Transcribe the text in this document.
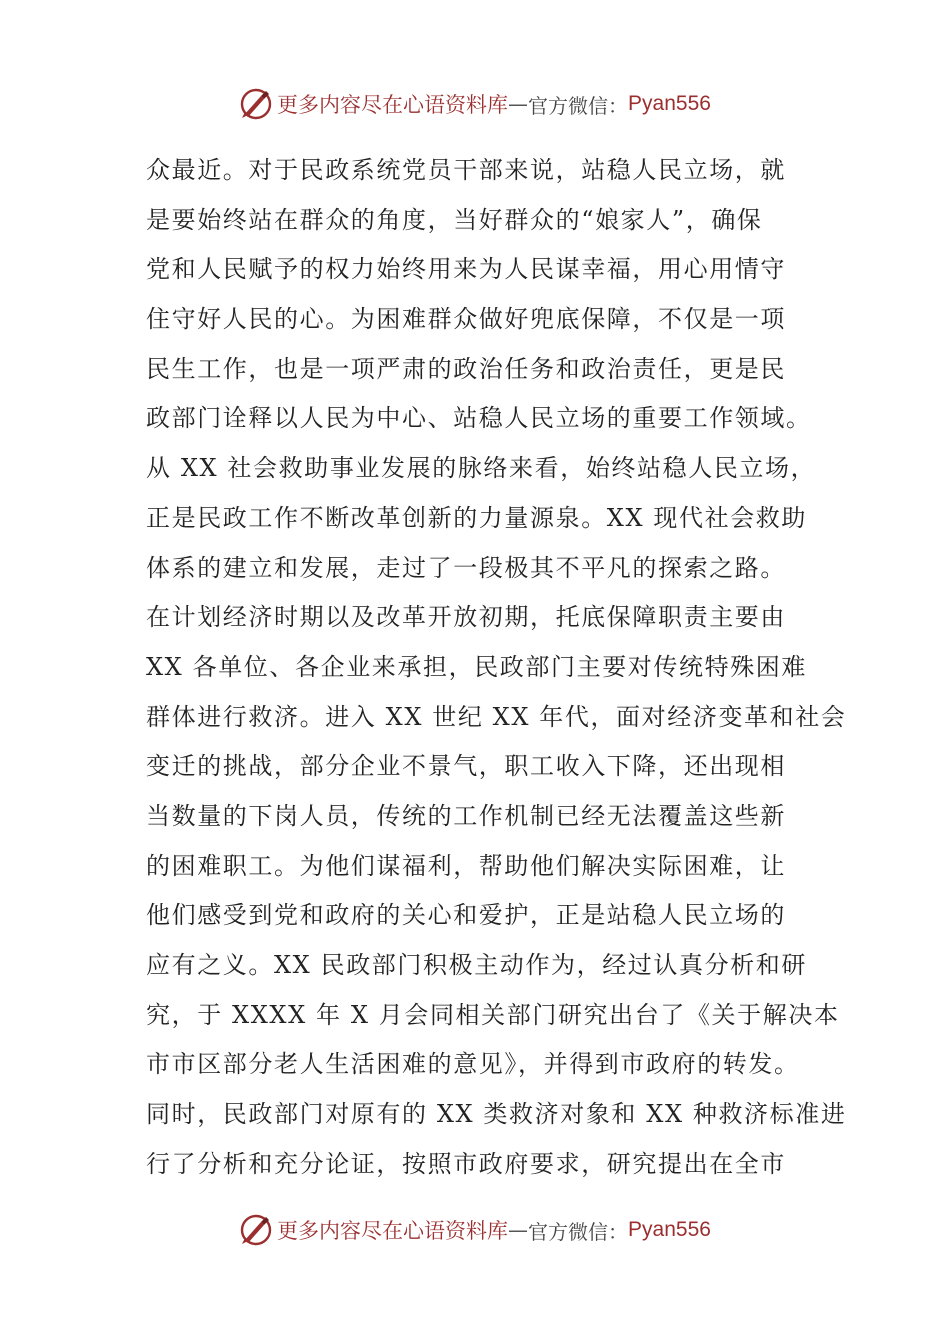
更多内容尽在心语资料库 — 官方微信： Pyan556
众最近。对于民政系统党员干部来说，站稳人民立场，就
是要始终站在群众的角度，当好群众的“娘家人”，确保
党和人民赋予的权力始终用来为人民谋幸福，用心用情守
住守好人民的心。为困难群众做好兜底保障，不仅是一项
民生工作，也是一项严肃的政治任务和政治责任，更是民
政部门诠释以人民为中心、站稳人民立场的重要工作领域。
从 XX 社会救助事业发展的脉络来看，始终站稳人民立场，
正是民政工作不断改革创新的力量源泉。XX 现代社会救助
体系的建立和发展，走过了一段极其不平凡的探索之路。
在计划经济时期以及改革开放初期，托底保障职责主要由
XX 各单位、各企业来承担，民政部门主要对传统特殊困难
群体进行救济。进入 XX 世纪 XX 年代，面对经济变革和社会
变迁的挑战，部分企业不景气，职工收入下降，还出现相
当数量的下岗人员，传统的工作机制已经无法覆盖这些新
的困难职工。为他们谋福利，帮助他们解决实际困难，让
他们感受到党和政府的关心和爱护，正是站稳人民立场的
应有之义。XX 民政部门积极主动作为，经过认真分析和研
究，于 XXXX 年 X 月会同相关部门研究出台了《关于解决本
市市区部分老人生活困难的意见》，并得到市政府的转发。
同时，民政部门对原有的 XX 类救济对象和 XX 种救济标准进
行了分析和充分论证，按照市政府要求，研究提出在全市
更多内容尽在心语资料库 — 官方微信： Pyan556
